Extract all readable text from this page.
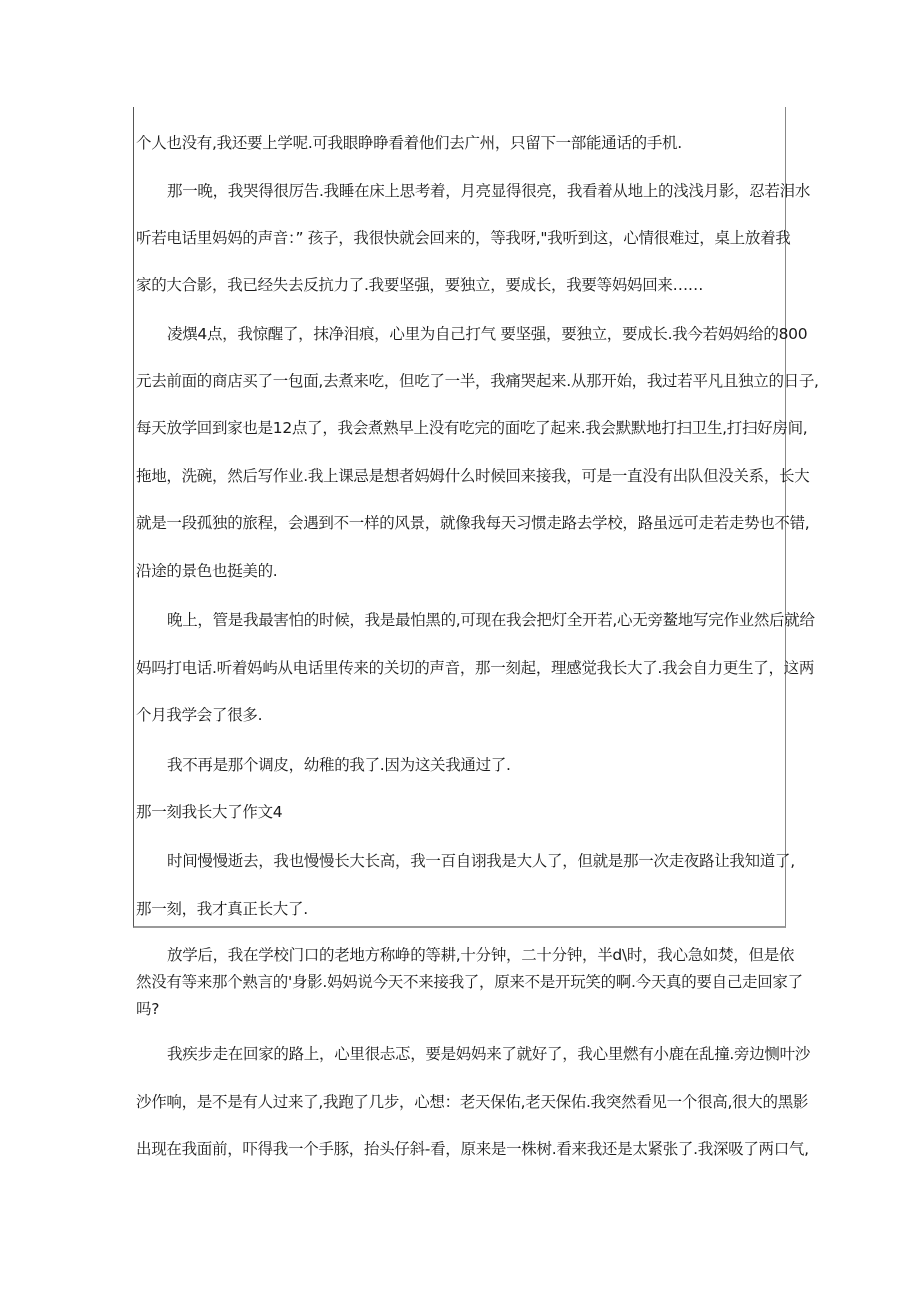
个人也没有,我还要上学呢.可我眼睁睁看着他们去广州，只留下一部能通话的手机.
那一晚，我哭得很厉告.我睡在床上思考着，月亮显得很亮，我看着从地上的浅浅月影，忍若泪水
听若电话里妈妈的声音：” 孩子，我很快就会回来的，等我呀,"我听到这，心情很难过，桌上放着我
家的大合影，我已经失去反抗力了.我要坚强，要独立，要成长，我要等妈妈回来……
凌熼4点，我惊醒了，抹净泪痕，心里为自己打气 要坚强，要独立，要成长.我今若妈妈给的800
元去前面的商店买了一包面,去煮来吃，但吃了一半，我痛哭起来.从那开始，我过若平凡且独立的日子,
每天放学回到家也是12点了，我会煮熟早上没有吃完的面吃了起来.我会默默地打扫卫生,打扫好房间,
拖地，洗碗，然后写作业.我上课忌是想者妈姆什么时候回来接我，可是一直没有出队但没关系，长大
就是一段孤独的旅程，会遇到不一样的风景，就像我每天习惯走路去学校，路虽远可走若走势也不错,
沿途的景色也挺美的.
晚上，管是我最害怕的时候，我是最怕黑的,可现在我会把灯全开若,心无旁鳌地写完作业然后就给
妈吗打电话.听着妈屿从电话里传来的关切的声音，那一刻起，理感觉我长大了.我会自力更生了，这两
个月我学会了很多.
我不再是那个调皮，幼稚的我了.因为这关我通过了.
那一刻我长大了作文4
时间慢慢逝去，我也慢慢长大长高，我一百自诩我是大人了，但就是那一次走夜路让我知道了,
那一刻，我才真正长大了.
放学后，我在学校门口的老地方称峥的等耕,十分钟，二十分钟，半d\时，我心急如焚，但是依
然没有等来那个熟言的'身影.妈妈说今天不来接我了，原来不是开玩笑的啊.今天真的要自己走回家了
吗?
我疾步走在回家的路上，心里很忐忑，要是妈妈来了就好了，我心里燃有小鹿在乱撞.旁边恻叶沙
沙作响，是不是有人过来了,我跑了几步，心想：老天保佑,老天保佑.我突然看见一个很高,很大的黑影
出现在我面前，吓得我一个手豚，抬头仔斜-看，原来是一株树.看来我还是太紧张了.我深吸了两口气,
